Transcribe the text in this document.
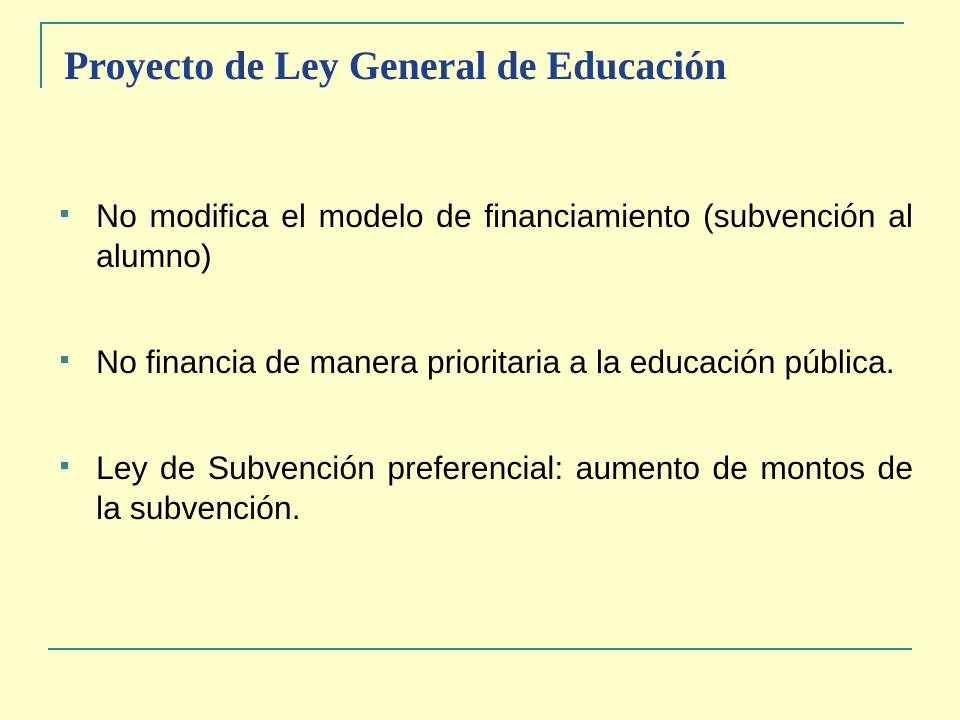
Proyecto de Ley General de Educación
No modifica el modelo de financiamiento (subvención al alumno)
No financia de manera prioritaria a la educación pública.
Ley de Subvención preferencial: aumento de montos de la subvención.
